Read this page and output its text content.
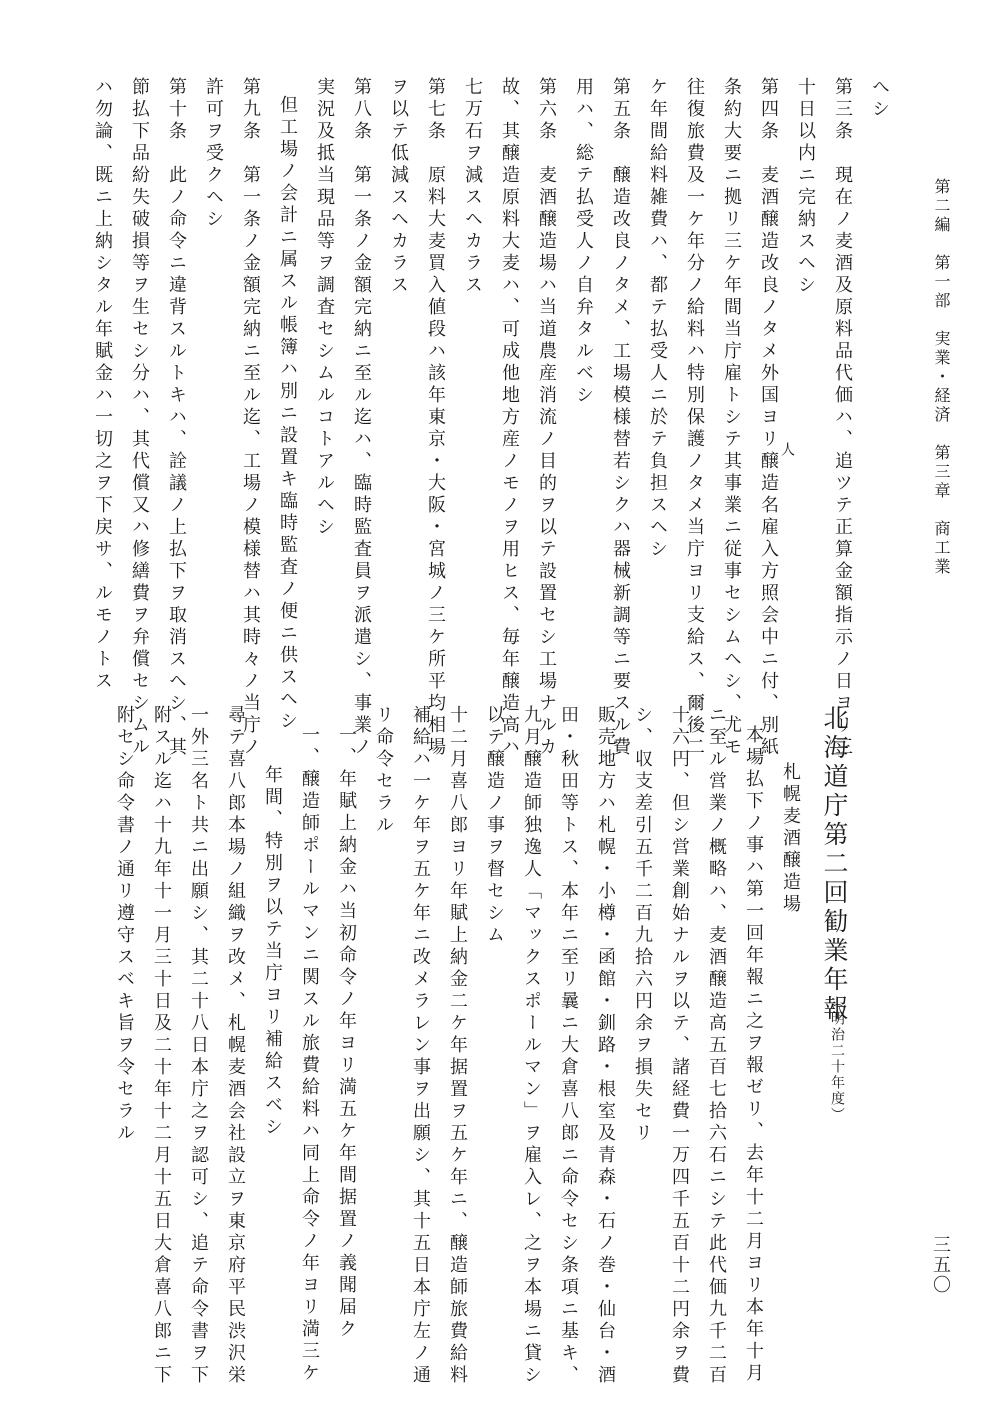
第二編　第一部　実業・経済　第三章　商工業
三五〇
へシ
第三条　現在ノ麦酒及原料品代価ハ、追ツテ正算金額指示ノ日ヨリ三
十日以内ニ完納スヘシ
第四条　麦酒醸造改良ノタメ外国ヨリ醸造名雇入方照会中ニ付、別紙 人
条約大要ニ拠リ三ケ年間当庁雇トシテ其事業ニ従事セシムヘシ、尤モ
往復旅費及一ケ年分ノ給料ハ特別保護ノタメ当庁ヨリ支給ス、爾後二
ケ年間給料雑費ハ、都テ払受人ニ於テ負担スヘシ
第五条　醸造改良ノタメ、工場模様替若シクハ器械新調等ニ要スル費
用ハ、総テ払受人ノ自弁タルベシ
第六条　麦酒醸造場ハ当道農産消流ノ目的ヲ以テ設置セシ工場ナルカ
故、其醸造原料大麦ハ、可成他地方産ノモノヲ用ヒス、毎年醸造高ハ
七万石ヲ減スヘカラス
第七条　原料大麦買入値段ハ該年東京・大阪・宮城ノ三ケ所平均相場
ヲ以テ低減スヘカラス
第八条　第一条ノ金額完納ニ至ル迄ハ、臨時監査員ヲ派遣シ、事業ノ
実況及抵当現品等ヲ調査セシムルコトアルヘシ
但工場ノ会計ニ属スル帳簿ハ別ニ設置キ臨時監査ノ便ニ供スヘシ
第九条　第一条ノ金額完納ニ至ル迄、工場ノ模様替ハ其時々ノ当庁ノ
許可ヲ受クヘシ
第十条　此ノ命令ニ違背スルトキハ、詮議ノ上払下ヲ取消スヘシ、其
節払下品紛失破損等ヲ生セシ分ハ、其代償又ハ修繕費ヲ弁償セシムル
ハ勿論、既ニ上納シタル年賦金ハ一切之ヲ下戻サ、ルモノトス
北海道庁第二回勧業年報
（明治二十年度）
札幌麦酒醸造場
本場払下ノ事ハ第一回年報ニ之ヲ報ゼリ、去年十二月ヨリ本年十月
ニ至ル営業ノ概略ハ、麦酒醸造高五百七拾六石ニシテ此代価九千二百
十六円、但シ営業創始ナルヲ以テ、諸経費一万四千五百十二円余ヲ費
シ、収支差引五千二百九拾六円余ヲ損失セリ
販売地方ハ札幌・小樽・函館・釧路・根室及青森・石ノ巻・仙台・酒
田・秋田等トス、本年ニ至リ曩ニ大倉喜八郎ニ命令セシ条項ニ基キ、
九月醸造師独逸人「マックスポールマン」ヲ雇入レ、之ヲ本場ニ貸シ
以テ醸造ノ事ヲ督セシム
十二月喜八郎ヨリ年賦上納金二ケ年据置ヲ五ケ年ニ、醸造師旅費給料
補給ハ一ケ年ヲ五ケ年ニ改メラレン事ヲ出願シ、其十五日本庁左ノ通
リ命令セラル
一、年賦上納金ハ当初命令ノ年ヨリ満五ケ年間据置ノ義聞届ク
一、醸造師ポールマンニ関スル旅費給料ハ同上命令ノ年ヨリ満三ケ
年間、特別ヲ以テ当庁ヨリ補給スベシ
尋テ喜八郎本場ノ組織ヲ改メ、札幌麦酒会社設立ヲ東京府平民渋沢栄
一外三名ト共ニ出願シ、其二十八日本庁之ヲ認可シ、追テ命令書ヲ下
附スル迄ハ十九年十一月三十日及二十年十二月十五日大倉喜八郎ニ下
附セシ命令書ノ通リ遵守スベキ旨ヲ令セラル
